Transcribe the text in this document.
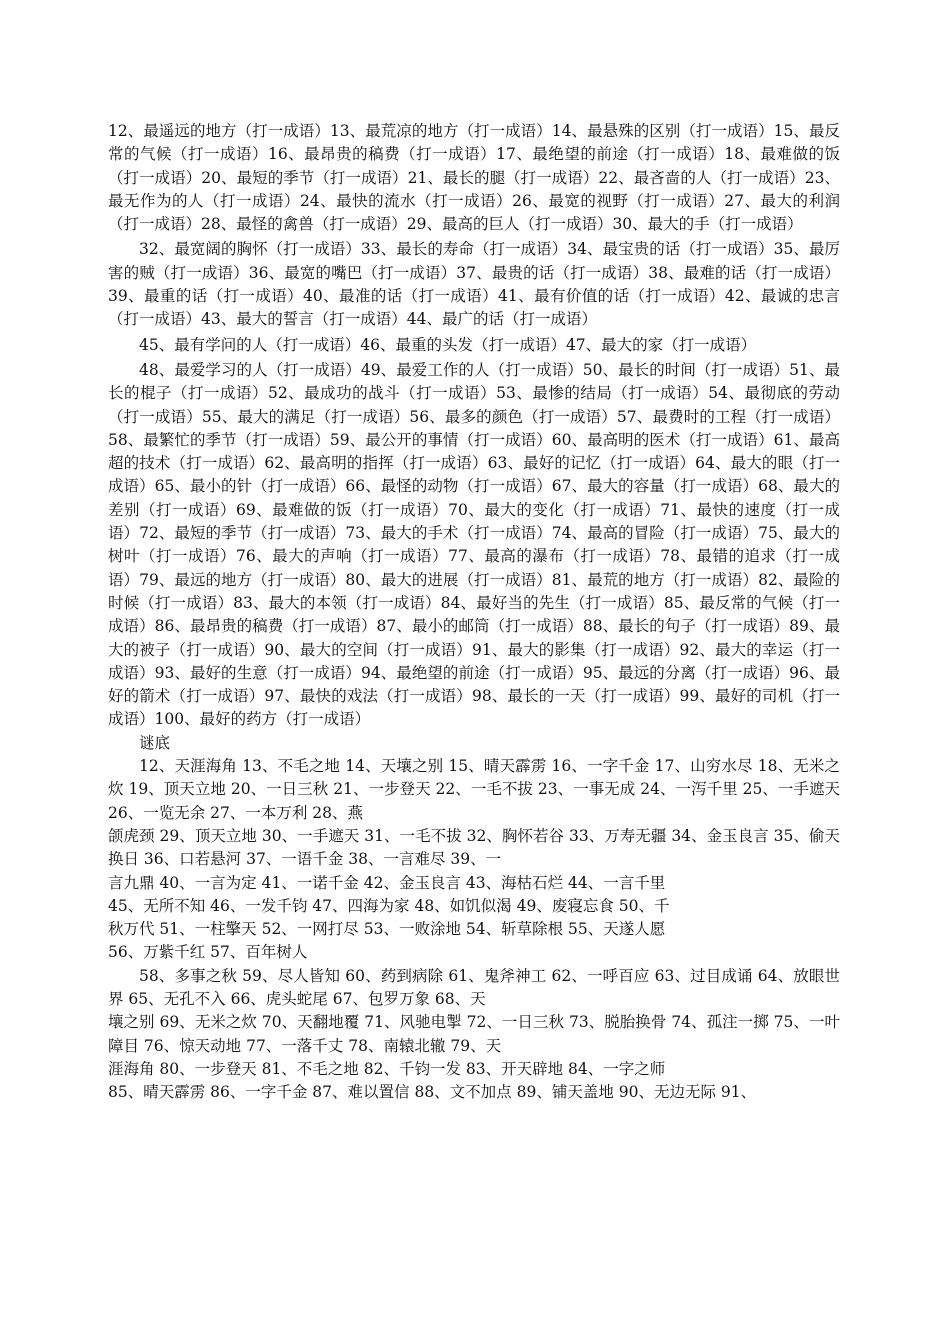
12、最遥远的地方（打一成语）13、最荒凉的地方（打一成语）14、最悬殊的区别（打一成语）15、最反常的气候（打一成语）16、最昂贵的稿费（打一成语）17、最绝望的前途（打一成语）18、最难做的饭（打一成语）20、最短的季节（打一成语）21、最长的腿（打一成语）22、最吝啬的人（打一成语）23、最无作为的人（打一成语）24、最快的流水（打一成语）26、最宽的视野（打一成语）27、最大的利润（打一成语）28、最怪的禽兽（打一成语）29、最高的巨人（打一成语）30、最大的手（打一成语）

32、最宽阔的胸怀（打一成语）33、最长的寿命（打一成语）34、最宝贵的话（打一成语）35、最厉害的贼（打一成语）36、最宽的嘴巴（打一成语）37、最贵的话（打一成语）38、最难的话（打一成语）39、最重的话（打一成语）40、最准的话（打一成语）41、最有价值的话（打一成语）42、最诚的忠言（打一成语）43、最大的誓言（打一成语）44、最广的话（打一成语）

45、最有学问的人（打一成语）46、最重的头发（打一成语）47、最大的家（打一成语）

48、最爱学习的人（打一成语）49、最爱工作的人（打一成语）50、最长的时间（打一成语）51、最长的棍子（打一成语）52、最成功的战斗（打一成语）53、最惨的结局（打一成语）54、最彻底的劳动（打一成语）55、最大的满足（打一成语）56、最多的颜色（打一成语）57、最费时的工程（打一成语）58、最繁忙的季节（打一成语）59、最公开的事情（打一成语）60、最高明的医术（打一成语）61、最高超的技术（打一成语）62、最高明的指挥（打一成语）63、最好的记忆（打一成语）64、最大的眼（打一成语）65、最小的针（打一成语）66、最怪的动物（打一成语）67、最大的容量（打一成语）68、最大的差别（打一成语）69、最难做的饭（打一成语）70、最大的变化（打一成语）71、最快的速度（打一成语）72、最短的季节（打一成语）73、最大的手术（打一成语）74、最高的冒险（打一成语）75、最大的树叶（打一成语）76、最大的声响（打一成语）77、最高的瀑布（打一成语）78、最错的追求（打一成语）79、最远的地方（打一成语）80、最大的进展（打一成语）81、最荒的地方（打一成语）82、最险的时候（打一成语）83、最大的本领（打一成语）84、最好当的先生（打一成语）85、最反常的气候（打一成语）86、最昂贵的稿费（打一成语）87、最小的邮筒（打一成语）88、最长的句子（打一成语）89、最大的被子（打一成语）90、最大的空间（打一成语）91、最大的影集（打一成语）92、最大的幸运（打一成语）93、最好的生意（打一成语）94、最绝望的前途（打一成语）95、最远的分离（打一成语）96、最好的箭术（打一成语）97、最快的戏法（打一成语）98、最长的一天（打一成语）99、最好的司机（打一成语）100、最好的药方（打一成语）

谜底

12、天涯海角 13、不毛之地 14、天壤之别 15、晴天霹雳 16、一字千金 17、山穷水尽 18、无米之炊 19、顶天立地 20、一日三秋 21、一步登天 22、一毛不拔 23、一事无成 24、一泻千里 25、一手遮天 26、一览无余 27、一本万利 28、燕

颌虎颈 29、顶天立地 30、一手遮天 31、一毛不拔 32、胸怀若谷 33、万寿无疆 34、金玉良言 35、偷天换日 36、口若悬河 37、一语千金 38、一言难尽 39、一

言九鼎 40、一言为定 41、一诺千金 42、金玉良言 43、海枯石烂 44、一言千里

45、无所不知 46、一发千钧 47、四海为家 48、如饥似渴 49、废寝忘食 50、千

秋万代 51、一柱擎天 52、一网打尽 53、一败涂地 54、斩草除根 55、天遂人愿

56、万紫千红 57、百年树人

58、多事之秋 59、尽人皆知 60、药到病除 61、鬼斧神工 62、一呼百应 63、过目成诵 64、放眼世界 65、无孔不入 66、虎头蛇尾 67、包罗万象 68、天

壤之别 69、无米之炊 70、天翻地覆 71、风驰电掣 72、一日三秋 73、脱胎换骨 74、孤注一掷 75、一叶障目 76、惊天动地 77、一落千丈 78、南辕北辙 79、天

涯海角 80、一步登天 81、不毛之地 82、千钧一发 83、开天辟地 84、一字之师

85、晴天霹雳 86、一字千金 87、难以置信 88、文不加点 89、铺天盖地 90、无边无际 91、
